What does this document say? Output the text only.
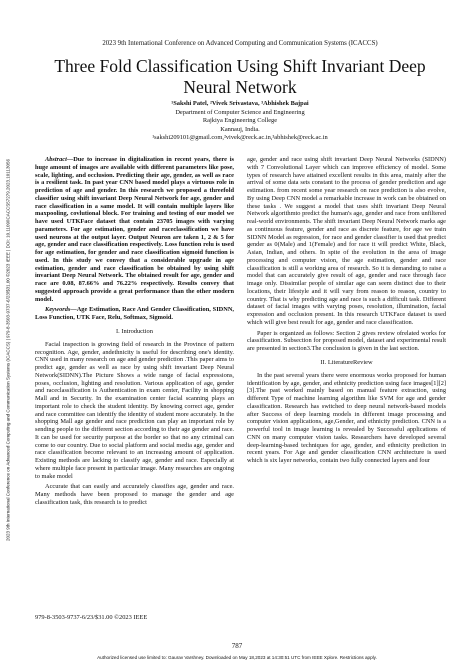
2023 9th International Conference on Advanced Computing and Communication Systems (ICACCS) | 979-8-3503-9737-6/23/$31.00 ©2023 IEEE | DOI: 10.1109/ICACCS57279.2023.10113056
2023 9th International Conference on Advanced Computing and Communication Systems (ICACCS)
Three Fold Classification Using Shift Invariant Deep Neural Network
¹Sakshi Patel, ²Vivek Srivastava, ³Abhishek Bajpai
Department of Computer Science and Engineering
Rajkiya Engineering College
Kannauj, India.
¹sakshi209101@gmail.com,²vivek@reck.ac.in,³abhishek@reck.ac.in

Abstract—Due to increase in digitalization in recent years, there is huge amount of images are available with different parameters like pose, scale, lighting, and occlusion. Predicting their age, gender, as well as race is a resilient task. In past year CNN based model plays a virtuous role in prediction of age and gender. In this research we proposed a threefold classifier using shift invariant Deep Neural Network for age, gender and race classification in a same model. It will contain multiple layers like maxpooling, covlutional block. For training and testing of our model we have used UTKFace dataset that contain 23705 images with varying parameters. For age estimation, gender and raceclassification we have used neurons at the output layer. Output Neuron are taken 1, 2 & 5 for age, gender and race classification respectively. Loss function relu is used for age estimation, for gender and race classification sigmoid function is used. In this study we convey that a considerable upgrade in age estimation, gender and race classification be obtained by using shift invariant Deep Neural Network. The obtained result for age, gender and race are 0.08, 87.66% and 76.22% respectively. Results convey that suggested approach provide a great performance than the other modern model.

Keywords—Age Estimation, Race And Gender Classification, SIDNN, Loss Function, UTK Face, Relu, Softmax, Sigmoid.

I. Introduction

Facial inspection is growing field of research in the Province of pattern recognition. Age, gender, andethnicity is useful for describing one's identity. CNN used in many research on age and gender prediction .This paper aims to predict age, gender as well as race by using shift invariant Deep Neural Network(SIDNN).The Picture Shows a wide range of facial expressions, poses, occlusion, lighting and resolution. Various application of age, gender and raceclassification is Authentication in exam center, Facility in shopping Mall and in Security. In the examination center facial scanning plays an important role to check the student identity. By knowing correct age, gender and race committee can identify the identity of student more accurately. In the shopping Mall age gender and race prediction can play an important role by sending people to the different section according to their age gender and race. It can be used for security purpose at the border so that no any criminal can come to our country. Due to social platform and social media age, gender and race classification become relevant to an increasing amount of application. Existing methods are lacking to classify age, gender and race. Especially at where multiple face present in particular image. Many researches are ongoing to make model

Accurate that can easily and accurately classifies age, gender and race. Many methods have been proposed to manage the gender and age classification task, this research is to predict

age, gender and race using shift invariant Deep Neural Networks (SIDNN) with 7 Convolutional Layer which can improve efficiency of model. Some types of research have attained excellent results in this area, mainly after the arrival of some data sets constant to the process of gender prediction and age estimation. from recent some year research on race prediction is also evolve, By using Deep CNN model a remarkable increase in work can be obtained on these tasks . We suggest a model that uses shift invariant Deep Neural Network algorithmto predict the human's age, gender and race from unfiltered real-world environments. The shift invariant Deep Neural Network marks age as continuous feature, gender and race as discrete feature, for age we train SIDNN Model as regression, for race and gender classifier is used that predict gender as 0(Male) and 1(Female) and for race it will predict White, Black, Asian, Indian, and others. In spite of the evolution in the area of image processing and computer vision, the age estimation, gender and race classification is still a working area of research. So it is demanding to raise a model that can accurately give result of age, gender and race through face image only. Dissimilar people of similar age can seem distinct due to their locations, their lifestyle and it will vary from reason to reason, country to country. That is why predicting age and race is such a difficult task. Different dataset of facial images with varying poses, resolution, illumination, facial expression and occlusion present. In this research UTKFace dataset is used which will give best result for age, gender and race classification.

Paper is organized as follows: Section 2 gives review ofrelated works for classification. Subsection for proposed model, dataset and experimental result are presented in section3.The conclusion is given in the last section.

II. LiteratureReview

In the past several years there were enormous works proposed for human identification by age, gender, and ethnicity prediction using face images[1][2][3].The past worked mainly based on manual feature extraction, using different Type of machine learning algorithm like SVM for age and gender classification. Research has switched to deep neural network-based models after Success of deep learning models in different image processing and computer vision applications, age,Gender, and ethnicity prediction. CNN is a powerful tool in image learning is revealed by Successful applications of CNN on many computer vision tasks. Researchers have developed several deep-learning-based techniques for age, gender, and ethnicity prediction in recent years. For Age and gender classification CNN architecture is used which is six layer networks, contain two fully connected layers and four

979-8-3503-9737-6/23/$31.00 ©2023 IEEE
787
Authorized licensed use limited to: Gaurav Varshney. Downloaded on May 18,2023 at 14:30:51 UTC from IEEE Xplore. Restrictions apply.
